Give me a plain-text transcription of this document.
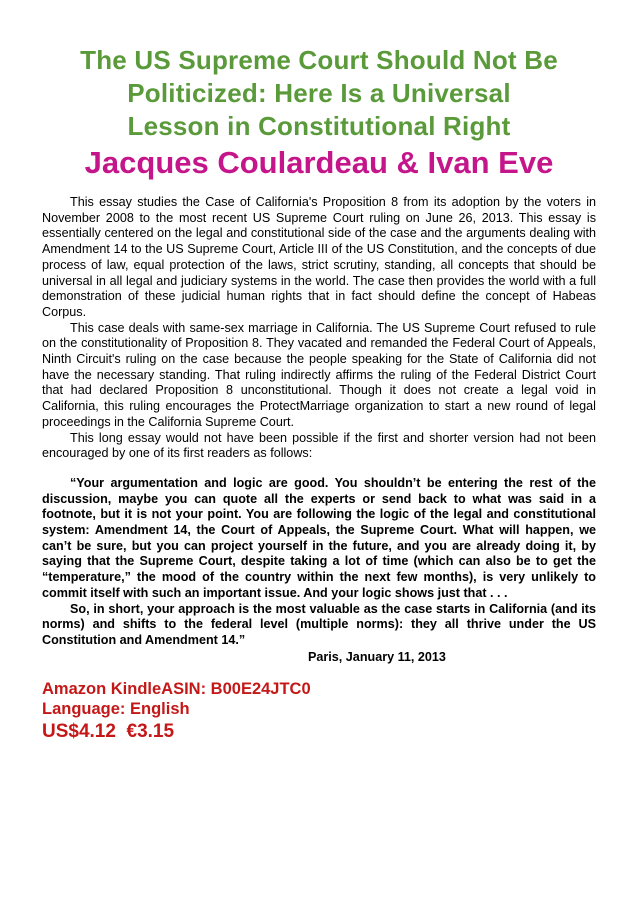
The US Supreme Court Should Not Be
Politicized: Here Is a Universal
Lesson in Constitutional Right
Jacques Coulardeau & Ivan Eve

This essay studies the Case of California's Proposition 8 from its adoption by the voters in November 2008 to the most recent US Supreme Court ruling on June 26, 2013. This essay is essentially centered on the legal and constitutional side of the case and the arguments dealing with Amendment 14 to the US Supreme Court, Article III of the US Constitution, and the concepts of due process of law, equal protection of the laws, strict scrutiny, standing, all concepts that should be universal in all legal and judiciary systems in the world. The case then provides the world with a full demonstration of these judicial human rights that in fact should define the concept of Habeas Corpus.

This case deals with same-sex marriage in California. The US Supreme Court refused to rule on the constitutionality of Proposition 8. They vacated and remanded the Federal Court of Appeals, Ninth Circuit's ruling on the case because the people speaking for the State of California did not have the necessary standing. That ruling indirectly affirms the ruling of the Federal District Court that had declared Proposition 8 unconstitutional. Though it does not create a legal void in California, this ruling encourages the ProtectMarriage organization to start a new round of legal proceedings in the California Supreme Court.

This long essay would not have been possible if the first and shorter version had not been encouraged by one of its first readers as follows:

“Your argumentation and logic are good. You shouldn’t be entering the rest of the discussion, maybe you can quote all the experts or send back to what was said in a footnote, but it is not your point. You are following the logic of the legal and constitutional system: Amendment 14, the Court of Appeals, the Supreme Court. What will happen, we can’t be sure, but you can project yourself in the future, and you are already doing it, by saying that the Supreme Court, despite taking a lot of time (which can also be to get the “temperature,” the mood of the country within the next few months), is very unlikely to commit itself with such an important issue. And your logic shows just that . . .

So, in short, your approach is the most valuable as the case starts in California (and its norms) and shifts to the federal level (multiple norms): they all thrive under the US Constitution and Amendment 14.”

Paris, January 11, 2013
Amazon KindleASIN: B00E24JTC0
Language: English
US$4.12  €3.15
